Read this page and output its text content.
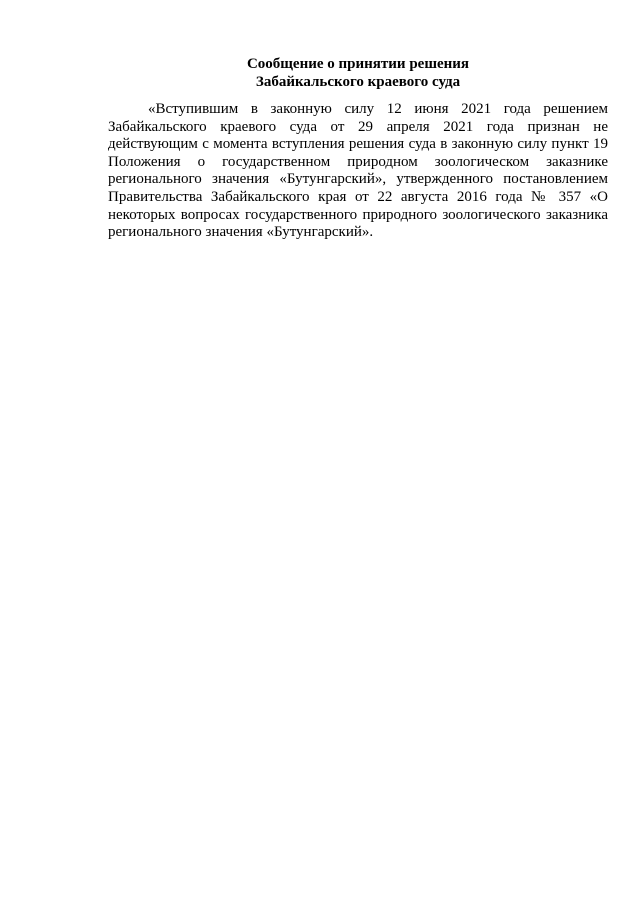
Сообщение о принятии решения
Забайкальского краевого суда

«Вступившим в законную силу 12 июня 2021 года решением Забайкальского краевого суда от 29 апреля 2021 года признан не действующим с момента вступления решения суда в законную силу пункт 19 Положения о государственном природном зоологическом заказнике регионального значения «Бутунгарский», утвержденного постановлением Правительства Забайкальского края от 22 августа 2016 года № 357 «О некоторых вопросах государственного природного зоологического заказника регионального значения «Бутунгарский».
